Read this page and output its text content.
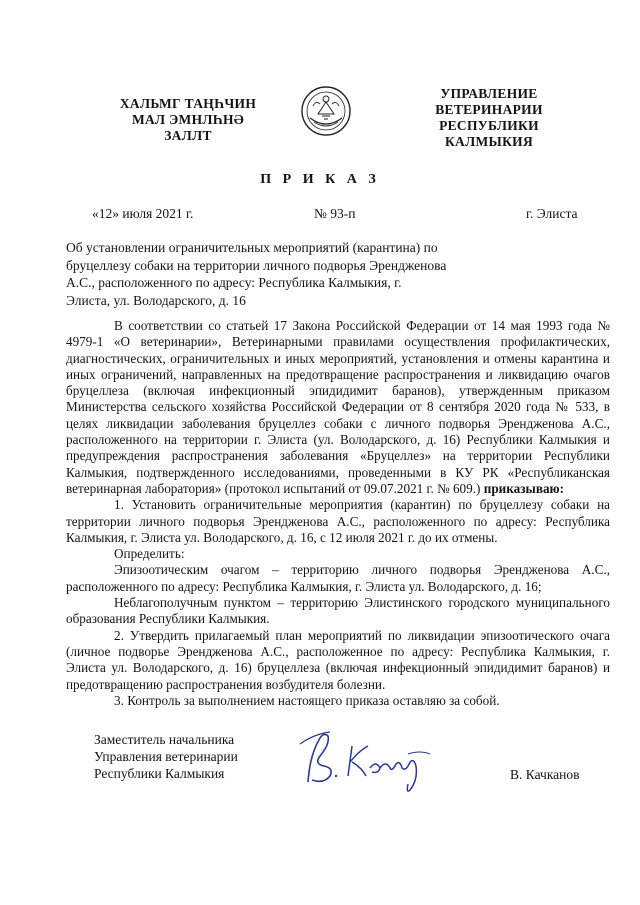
ХАЛЬМГ ТАҢҺЧИН
МАЛ ЭМНЛҺНӘ
ЗАЛЛТ
УПРАВЛЕНИЕ
ВЕТЕРИНАРИИ
РЕСПУБЛИКИ
КАЛМЫКИЯ
П Р И К А З
«12» июля 2021 г.	№ 93-п	г. Элиста
Об установлении ограничительных мероприятий (карантина) по
бруцеллезу собаки на территории личного подворья Эрендженова
А.С., расположенного по адресу: Республика Калмыкия, г.
Элиста, ул. Володарского, д. 16

В соответствии со статьей 17 Закона Российской Федерации от 14 мая 1993 года № 4979-1 «О ветеринарии», Ветеринарными правилами осуществления профилактических, диагностических, ограничительных и иных мероприятий, установления и отмены карантина и иных ограничений, направленных на предотвращение распространения и ликвидацию очагов бруцеллеза (включая инфекционный эпидидимит баранов), утвержденным приказом Министерства сельского хозяйства Российской Федерации от 8 сентября 2020 года № 533, в целях ликвидации заболевания бруцеллез собаки с личного подворья Эрендженова А.С., расположенного на территории г. Элиста (ул. Володарского, д. 16) Республики Калмыкия и предупреждения распространения заболевания «Бруцеллез» на территории Республики Калмыкия, подтвержденного исследованиями, проведенными в КУ РК «Республиканская ветеринарная лаборатория» (протокол испытаний от 09.07.2021 г. № 609.) приказываю:

1. Установить ограничительные мероприятия (карантин) по бруцеллезу собаки на территории личного подворья Эрендженова А.С., расположенного по адресу: Республика Калмыкия, г. Элиста ул. Володарского, д. 16, с 12 июля 2021 г. до их отмены.

Определить:

Эпизоотическим очагом – территорию личного подворья Эрендженова А.С., расположенного по адресу: Республика Калмыкия, г. Элиста ул. Володарского, д. 16;

Неблагополучным пунктом – территорию Элистинского городского муниципального образования Республики Калмыкия.

2. Утвердить прилагаемый план мероприятий по ликвидации эпизоотического очага (личное подворье Эрендженова А.С., расположенное по адресу: Республика Калмыкия, г. Элиста ул. Володарского, д. 16) бруцеллеза (включая инфекционный эпидидимит баранов) и предотвращению распространения возбудителя болезни.

3. Контроль за выполнением настоящего приказа оставляю за собой.

Заместитель начальника
Управления ветеринарии
Республики Калмыкия	В. Качканов
